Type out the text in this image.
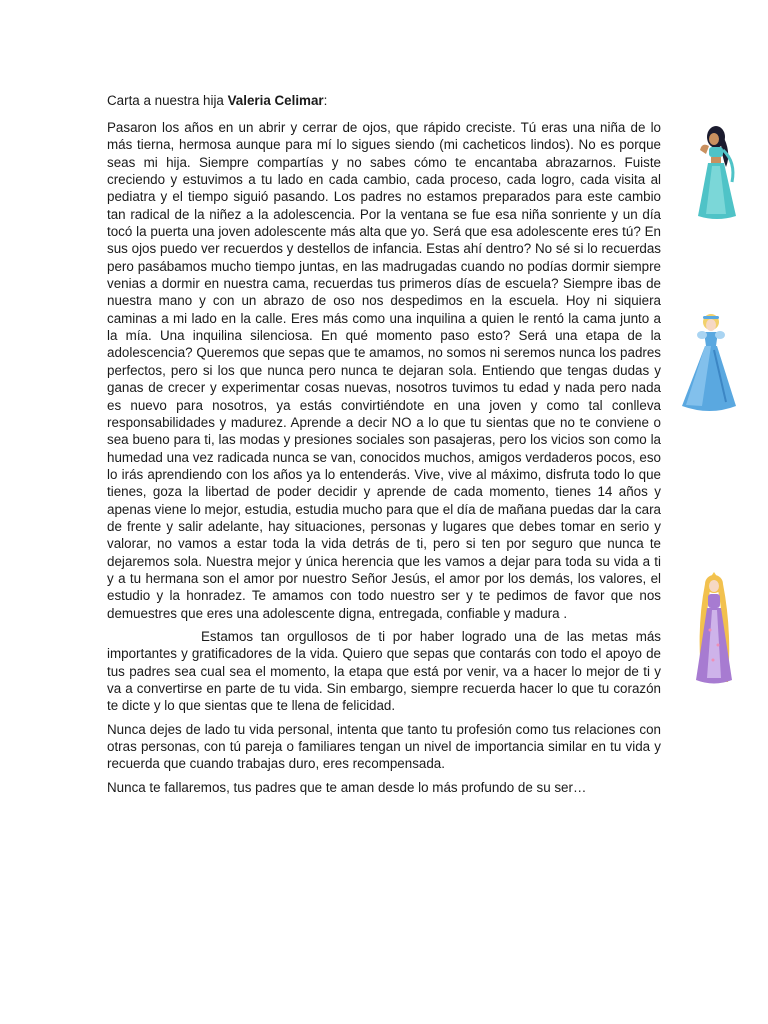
Carta a nuestra hija Valeria Celimar:

Pasaron los años en un abrir y cerrar de ojos, que rápido creciste. Tú eras una niña de lo más tierna, hermosa aunque para mí lo sigues siendo (mi cacheticos lindos). No es porque seas mi hija. Siempre compartías y no sabes cómo te encantaba abrazarnos. Fuiste creciendo y estuvimos a tu lado en cada cambio, cada proceso, cada logro, cada visita al pediatra y el tiempo siguió pasando. Los padres no estamos preparados para este cambio tan radical de la niñez a la adolescencia. Por la ventana se fue esa niña sonriente y un día tocó la puerta una joven adolescente más alta que yo. Será que esa adolescente eres tú? En sus ojos puedo ver recuerdos y destellos de infancia. Estas ahí dentro? No sé si lo recuerdas pero pasábamos mucho tiempo juntas, en las madrugadas cuando no podías dormir siempre venias a dormir en nuestra cama, recuerdas tus primeros días de escuela? Siempre ibas de nuestra mano y con un abrazo de oso nos despedimos en la escuela. Hoy ni siquiera caminas a mi lado en la calle. Eres más como una inquilina a quien le rentó la cama junto a la mía. Una inquilina silenciosa. En qué momento paso esto? Será una etapa de la adolescencia? Queremos que sepas que te amamos, no somos ni seremos nunca los padres perfectos, pero si los que nunca pero nunca te dejaran sola. Entiendo que tengas dudas y ganas de crecer y experimentar cosas nuevas, nosotros tuvimos tu edad y nada pero nada es nuevo para nosotros, ya estás convirtiéndote en una joven y como tal conlleva responsabilidades y madurez. Aprende a decir NO a lo que tu sientas que no te conviene o sea bueno para ti, las modas y presiones sociales son pasajeras, pero los vicios son como la humedad una vez radicada nunca se van, conocidos muchos, amigos verdaderos pocos, eso lo irás aprendiendo con los años ya lo entenderás. Vive, vive al máximo, disfruta todo lo que tienes, goza la libertad de poder decidir y aprende de cada momento, tienes 14 años y apenas viene lo mejor, estudia, estudia mucho para que el día de mañana puedas dar la cara de frente y salir adelante, hay situaciones, personas y lugares que debes tomar en serio y valorar, no vamos a estar toda la vida detrás de ti, pero si ten por seguro que nunca te dejaremos sola. Nuestra mejor y única herencia que les vamos a dejar para toda su vida a ti y a tu hermana son el amor por nuestro Señor Jesús, el amor por los demás, los valores, el estudio y la honradez. Te amamos con todo nuestro ser y te pedimos de favor que nos demuestres que eres una adolescente digna, entregada, confiable y madura .

Estamos tan orgullosos de ti por haber logrado una de las metas más importantes y gratificadores de la vida. Quiero que sepas que contarás con todo el apoyo de tus padres sea cual sea el momento, la etapa que está por venir, va a hacer lo mejor de ti y va a convertirse en parte de tu vida. Sin embargo, siempre recuerda hacer lo que tu corazón te dicte y lo que sientas que te llena de felicidad.

Nunca dejes de lado tu vida personal, intenta que tanto tu profesión como tus relaciones con otras personas, con tú pareja o familiares tengan un nivel de importancia similar en tu vida y recuerda que cuando trabajas duro, eres recompensada.

Nunca te fallaremos, tus padres que te aman desde lo más profundo de su ser…
